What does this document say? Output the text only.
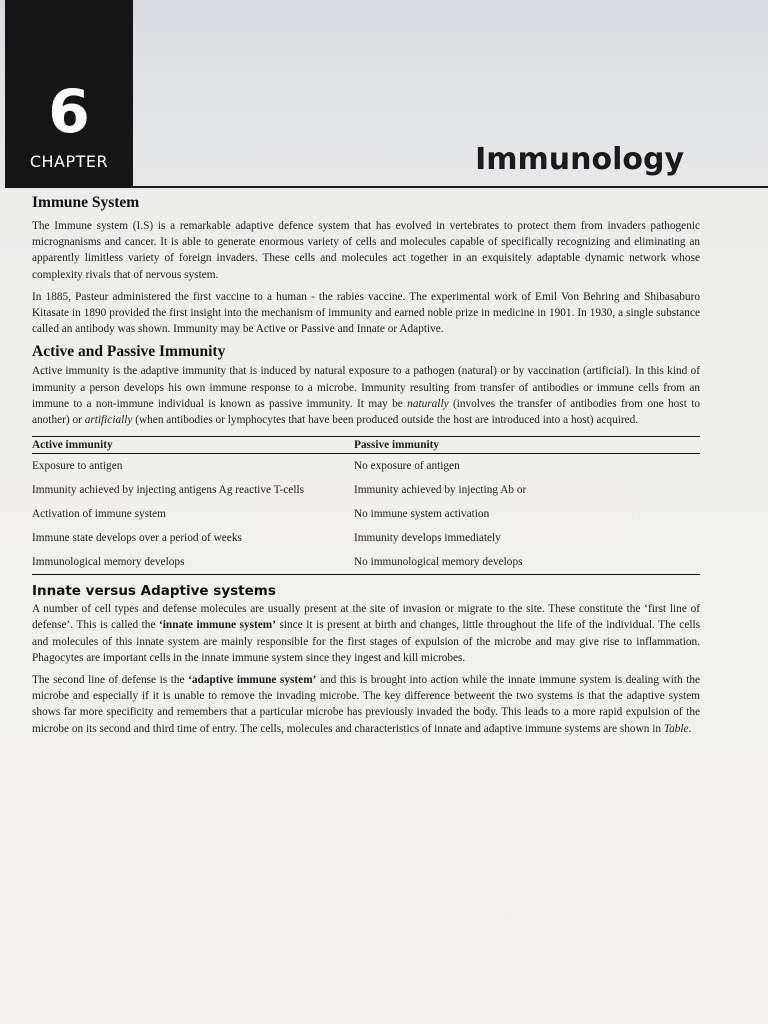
6
CHAPTER	Immunology
Immune System

The Immune system (I.S) is a remarkable adaptive defence system that has evolved in vertebrates to protect them from invaders pathogenic micrognanisms and cancer. It is able to generate enormous variety of cells and molecules capable of specifically recognizing and eliminating an apparently limitless variety of foreign invaders. These cells and molecules act together in an exquisitely adaptable dynamic network whose complexity rivals that of nervous system.

In 1885, Pasteur administered the first vaccine to a human - the rabies vaccine. The experimental work of Emil Von Behring and Shibasaburo Kitasate in 1890 provided the first insight into the mechanism of immunity and earned noble prize in medicine in 1901. In 1930, a single substance called an antibody was shown. Immunity may be Active or Passive and Innate or Adaptive.

Active and Passive Immunity

Active immunity is the adaptive immunity that is induced by natural exposure to a pathogen (natural) or by vaccination (artificial). In this kind of immunity a person develops his own immune response to a microbe. Immunity resulting from transfer of antibodies or immune cells from an immune to a non-immune individual is known as passive immunity. It may be naturally (involves the transfer of antibodies from one host to another) or artificially (when antibodies or lymphocytes that have been produced outside the host are introduced into a host) acquired.

Active immunity	Passive immunity
Exposure to antigen	No exposure of antigen
Immunity achieved by injecting antigens Ag reactive T-cells	Immunity achieved by injecting Ab or
Activation of immune system	No immune system activation
Immune state develops over a period of weeks	Immunity develops immediately
Immunological memory develops	No immunological memory develops
Innate versus Adaptive systems

A number of cell types and defense molecules are usually present at the site of invasion or migrate to the site. These constitute the ‘first line of defense’. This is called the ‘innate immune system’ since it is present at birth and changes, little throughout the life of the individual. The cells and molecules of this innate system are mainly responsible for the first stages of expulsion of the microbe and may give rise to inflammation. Phagocytes are important cells in the innate immune system since they ingest and kill microbes.

The second line of defense is the ‘adaptive immune system’ and this is brought into action while the innate immune system is dealing with the microbe and especially if it is unable to remove the invading microbe. The key difference betweent the two systems is that the adaptive system shows far more specificity and remembers that a particular microbe has previously invaded the body. This leads to a more rapid expulsion of the microbe on its second and third time of entry. The cells, molecules and characteristics of innate and adaptive immune systems are shown in Table.
